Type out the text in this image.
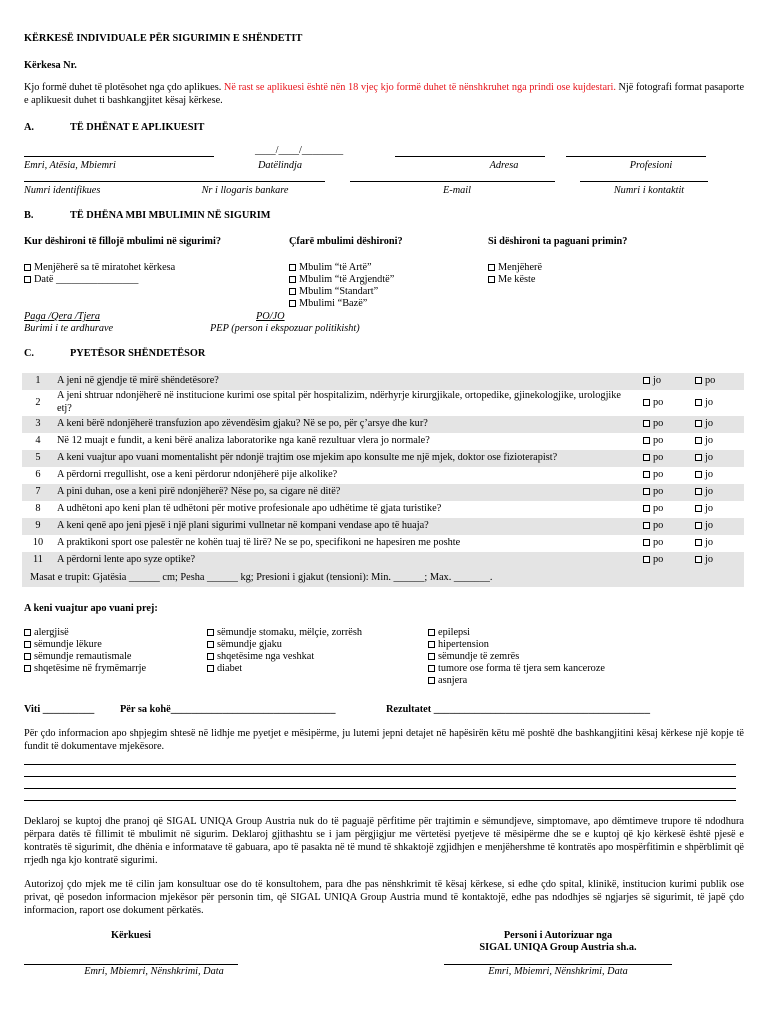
KËRKESË INDIVIDUALE PËR SIGURIMIN E SHËNDETIT
Kërkesa Nr.
Kjo formë duhet të plotësohet nga çdo aplikues. Në rast se aplikuesi është nën 18 vjeç kjo formë duhet të nënshkruhet nga prindi ose kujdestari. Një fotografi format pasaporte e aplikuesit duhet ti bashkangjitet kësaj kërkese.
A.	TË DHËNAT E APLIKUESIT
____/____/________
Emri, Atësia, Mbiemri	Datëlindja	Adresa	Profesioni
Numri identifikues	Nr i llogaris bankare	E-mail	Numri i kontaktit
B.	TË DHËNA MBI MBULIMIN NË SIGURIM
Kur dëshironi të fillojë mbulimi në sigurimi?	Çfarë mbulimi dëshironi?	Si dëshironi ta paguani primin?
Menjëherë sa të miratohet kërkesa
Datë ________________
Mbulim “të Artë”
Mbulim “të Argjendtë”
Mbulim “Standart”
Mbulimi “Bazë”
Menjëherë
Me këste
Paga /Qera /Tjera
Burimi i te ardhurave
PO/JO
PEP (person i ekspozuar politikisht)
C.	PYETËSOR SHËNDETËSOR
1	A jeni në gjendje të mirë shëndetësore?	jo	po
2	A jeni shtruar ndonjëherë në institucione kurimi ose spital për hospitalizim, ndërhyrje kirurgjikale, ortopedike, gjinekologjike, urologjike etj?	po	jo
3	A keni bërë ndonjëherë transfuzion apo zëvendësim gjaku? Në se po, për ç’arsye dhe kur?	po	jo
4	Në 12 muajt e fundit, a keni bërë analiza laboratorike nga kanë rezultuar vlera jo normale?	po	jo
5	A keni vuajtur apo vuani momentalisht për ndonjë trajtim ose mjekim apo konsulte me një mjek, doktor ose fizioterapist?	po	jo
6	A përdorni rregullisht, ose a keni përdorur ndonjëherë pije alkolike?	po	jo
7	A pini duhan, ose a keni pirë ndonjëherë? Nëse po, sa cigare në ditë?	po	jo
8	A udhëtoni apo keni plan të udhëtoni për motive profesionale apo udhëtime të gjata turistike?	po	jo
9	A keni qenë apo jeni pjesë i një plani sigurimi vullnetar në kompani vendase apo të huaja?	po	jo
10	A praktikoni sport ose palestër ne kohën tuaj të lirë? Ne se po, specifikoni ne hapesiren me poshte	po	jo
11	A përdorni lente apo syze optike?	po	jo
Masat e trupit: Gjatësia ______ cm; Pesha ______ kg; Presioni i gjakut (tensioni): Min. ______; Max. _______.			
A keni vuajtur apo vuani prej:
alergjisë
sëmundje lëkure
sëmundje remautismale
shqetësime në frymëmarrje
sëmundje stomaku, mëlçie, zorrësh
sëmundje gjaku
shqetësime nga veshkat
diabet
epilepsi
hipertension
sëmundje të zemrës
tumore ose forma të tjera sem kanceroze
asnjera
Viti __________ Për sa kohë________________________________	Rezultatet __________________________________________
Për çdo informacion apo shpjegim shtesë në lidhje me pyetjet e mësipërme, ju lutemi jepni detajet në hapësirën këtu më poshtë dhe bashkangjitini kësaj kërkese një kopje të fundit të dokumentave mjekësore.
Deklaroj se kuptoj dhe pranoj që SIGAL UNIQA Group Austria nuk do të paguajë përfitime për trajtimin e sëmundjeve, simptomave, apo dëmtimeve trupore të ndodhura përpara datës të fillimit të mbulimit në sigurim. Deklaroj gjithashtu se i jam përgjigjur me vërtetësi pyetjeve të mësipërme dhe se e kuptoj që kjo kërkesë është pjesë e kontratës të sigurimit, dhe dhënia e informatave të gabuara, apo të pasakta në të mund të shkaktojë zgjidhjen e menjëhershme të kontratës apo mospërfitimin e shpërblimit që rrjedh nga kjo kontratë sigurimi.
Autorizoj çdo mjek me të cilin jam konsultuar ose do të konsultohem, para dhe pas nënshkrimit të kësaj kërkese, si edhe çdo spital, klinikë, institucion kurimi publik ose privat, që posedon informacion mjekësor për personin tim, që SIGAL UNIQA Group Austria mund të kontaktojë, edhe pas ndodhjes së ngjarjes së sigurimit, të japë çdo informacion, raport ose dokument përkatës.
Kërkuesi	Personi i Autorizuar nga
SIGAL UNIQA Group Austria sh.a.
Emri, Mbiemri, Nënshkrimi, Data	Emri, Mbiemri, Nënshkrimi, Data
